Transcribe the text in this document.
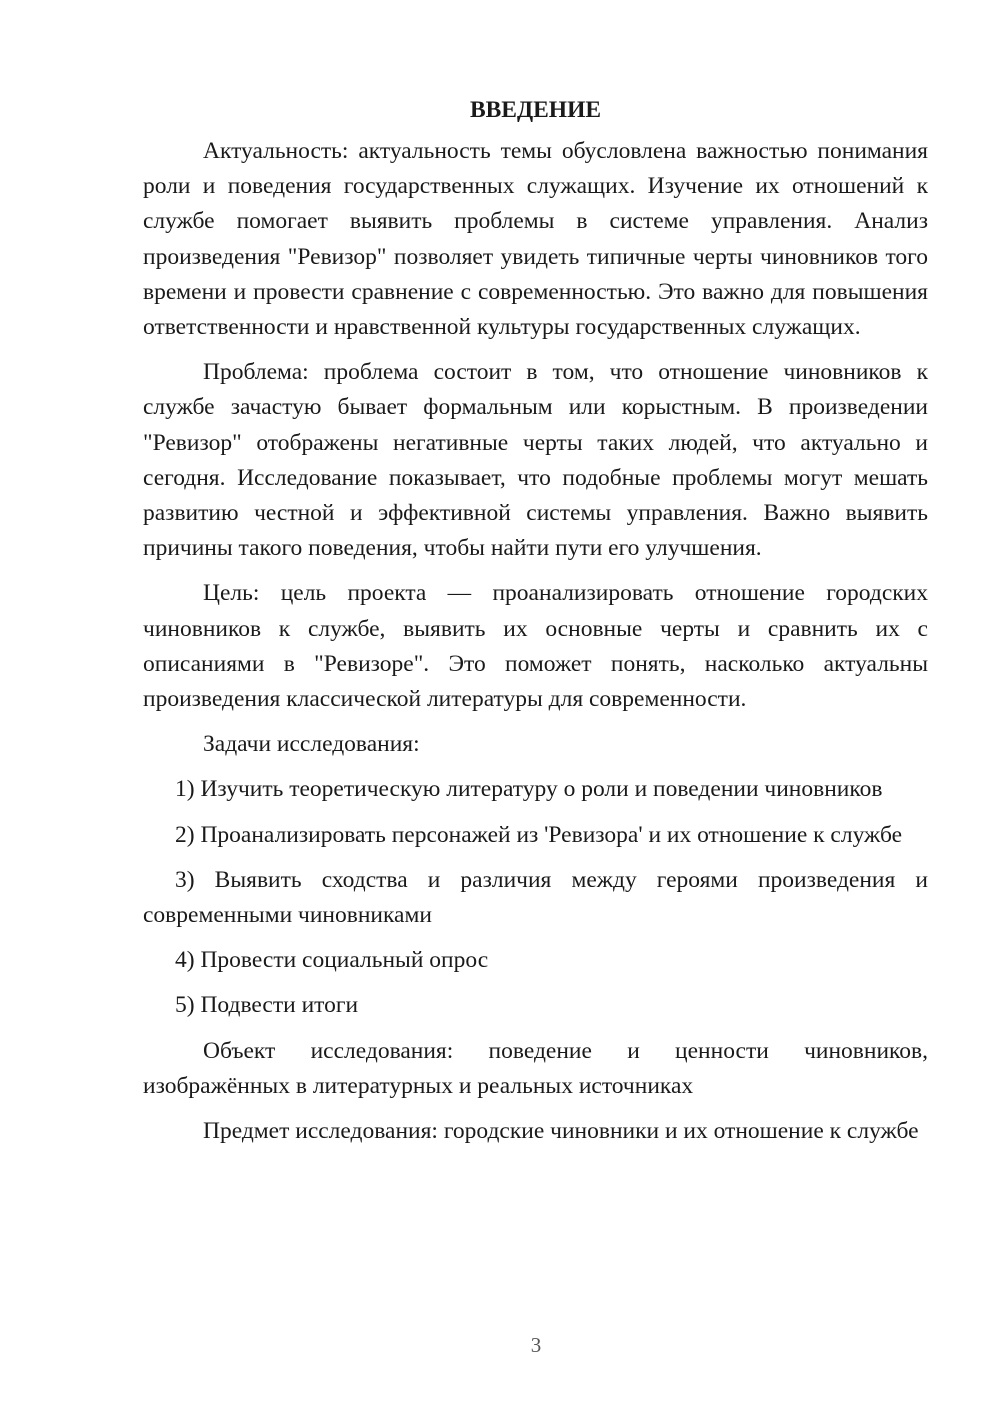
ВВЕДЕНИЕ

Актуальность: актуальность темы обусловлена важностью понимания роли и поведения государственных служащих. Изучение их отношений к службе помогает выявить проблемы в системе управления. Анализ произведения "Ревизор" позволяет увидеть типичные черты чиновников того времени и провести сравнение с современностью. Это важно для повышения ответственности и нравственной культуры государственных служащих.

Проблема: проблема состоит в том, что отношение чиновников к службе зачастую бывает формальным или корыстным. В произведении "Ревизор" отображены негативные черты таких людей, что актуально и сегодня. Исследование показывает, что подобные проблемы могут мешать развитию честной и эффективной системы управления. Важно выявить причины такого поведения, чтобы найти пути его улучшения.

Цель: цель проекта — проанализировать отношение городских чиновников к службе, выявить их основные черты и сравнить их с описаниями в "Ревизоре". Это поможет понять, насколько актуальны произведения классической литературы для современности.

Задачи исследования:

1) Изучить теоретическую литературу о роли и поведении чиновников

2) Проанализировать персонажей из 'Ревизора' и их отношение к службе

3) Выявить сходства и различия между героями произведения и современными чиновниками

4) Провести социальный опрос

5) Подвести итоги

Объект исследования: поведение и ценности чиновников, изображённых в литературных и реальных источниках

Предмет исследования: городские чиновники и их отношение к службе

3
